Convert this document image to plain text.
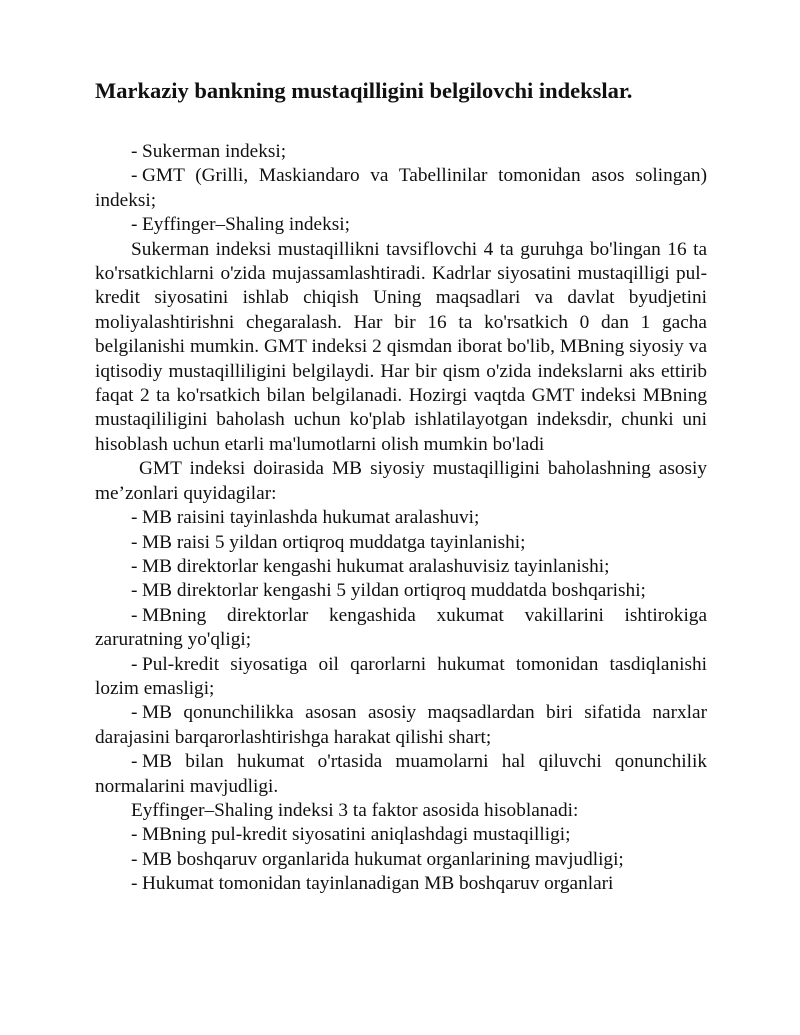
Markaziy bankning mustaqilligini belgilovchi indekslar.

- Sukerman indeksi;

- GMT (Grilli, Maskiandaro va Tabellinilar tomonidan asos solingan) indeksi;

- Eyffinger–Shaling indeksi;

Sukerman indeksi mustaqillikni tavsiflovchi 4 ta guruhga bo'lingan 16 ta ko'rsatkichlarni o'zida mujassamlashtiradi. Kadrlar siyosatini mustaqilligi pul-kredit siyosatini ishlab chiqish Uning maqsadlari va davlat byudjetini moliyalashtirishni chegaralash. Har bir 16 ta ko'rsatkich 0 dan 1 gacha belgilanishi mumkin. GMT indeksi 2 qismdan iborat bo'lib, MBning siyosiy va iqtisodiy mustaqilliligini belgilaydi. Har bir qism o'zida indekslarni aks ettirib faqat 2 ta ko'rsatkich bilan belgilanadi. Hozirgi vaqtda GMT indeksi MBning mustaqililigini baholash uchun ko'plab ishlatilayotgan indeksdir, chunki uni hisoblash uchun etarli ma'lumotlarni olish mumkin bo'ladi

GMT indeksi doirasida MB siyosiy mustaqilligini baholashning asosiy me’zonlari quyidagilar:

- MB raisini tayinlashda hukumat aralashuvi;

- MB raisi 5 yildan ortiqroq muddatga tayinlanishi;

- MB direktorlar kengashi hukumat aralashuvisiz tayinlanishi;

- MB direktorlar kengashi 5 yildan ortiqroq muddatda boshqarishi;

- MBning direktorlar kengashida xukumat vakillarini ishtirokiga zaruratning yo'qligi;

- Pul-kredit siyosatiga oil qarorlarni hukumat tomonidan tasdiqlanishi lozim emasligi;

- MB qonunchilikka asosan asosiy maqsadlardan biri sifatida narxlar darajasini barqarorlashtirishga harakat qilishi shart;

- MB bilan hukumat o'rtasida muamolarni hal qiluvchi qonunchilik normalarini mavjudligi.

Eyffinger–Shaling indeksi 3 ta faktor asosida hisoblanadi:

- MBning pul-kredit siyosatini aniqlashdagi mustaqilligi;

- MB boshqaruv organlarida hukumat organlarining mavjudligi;

- Hukumat tomonidan tayinlanadigan MB boshqaruv organlari
